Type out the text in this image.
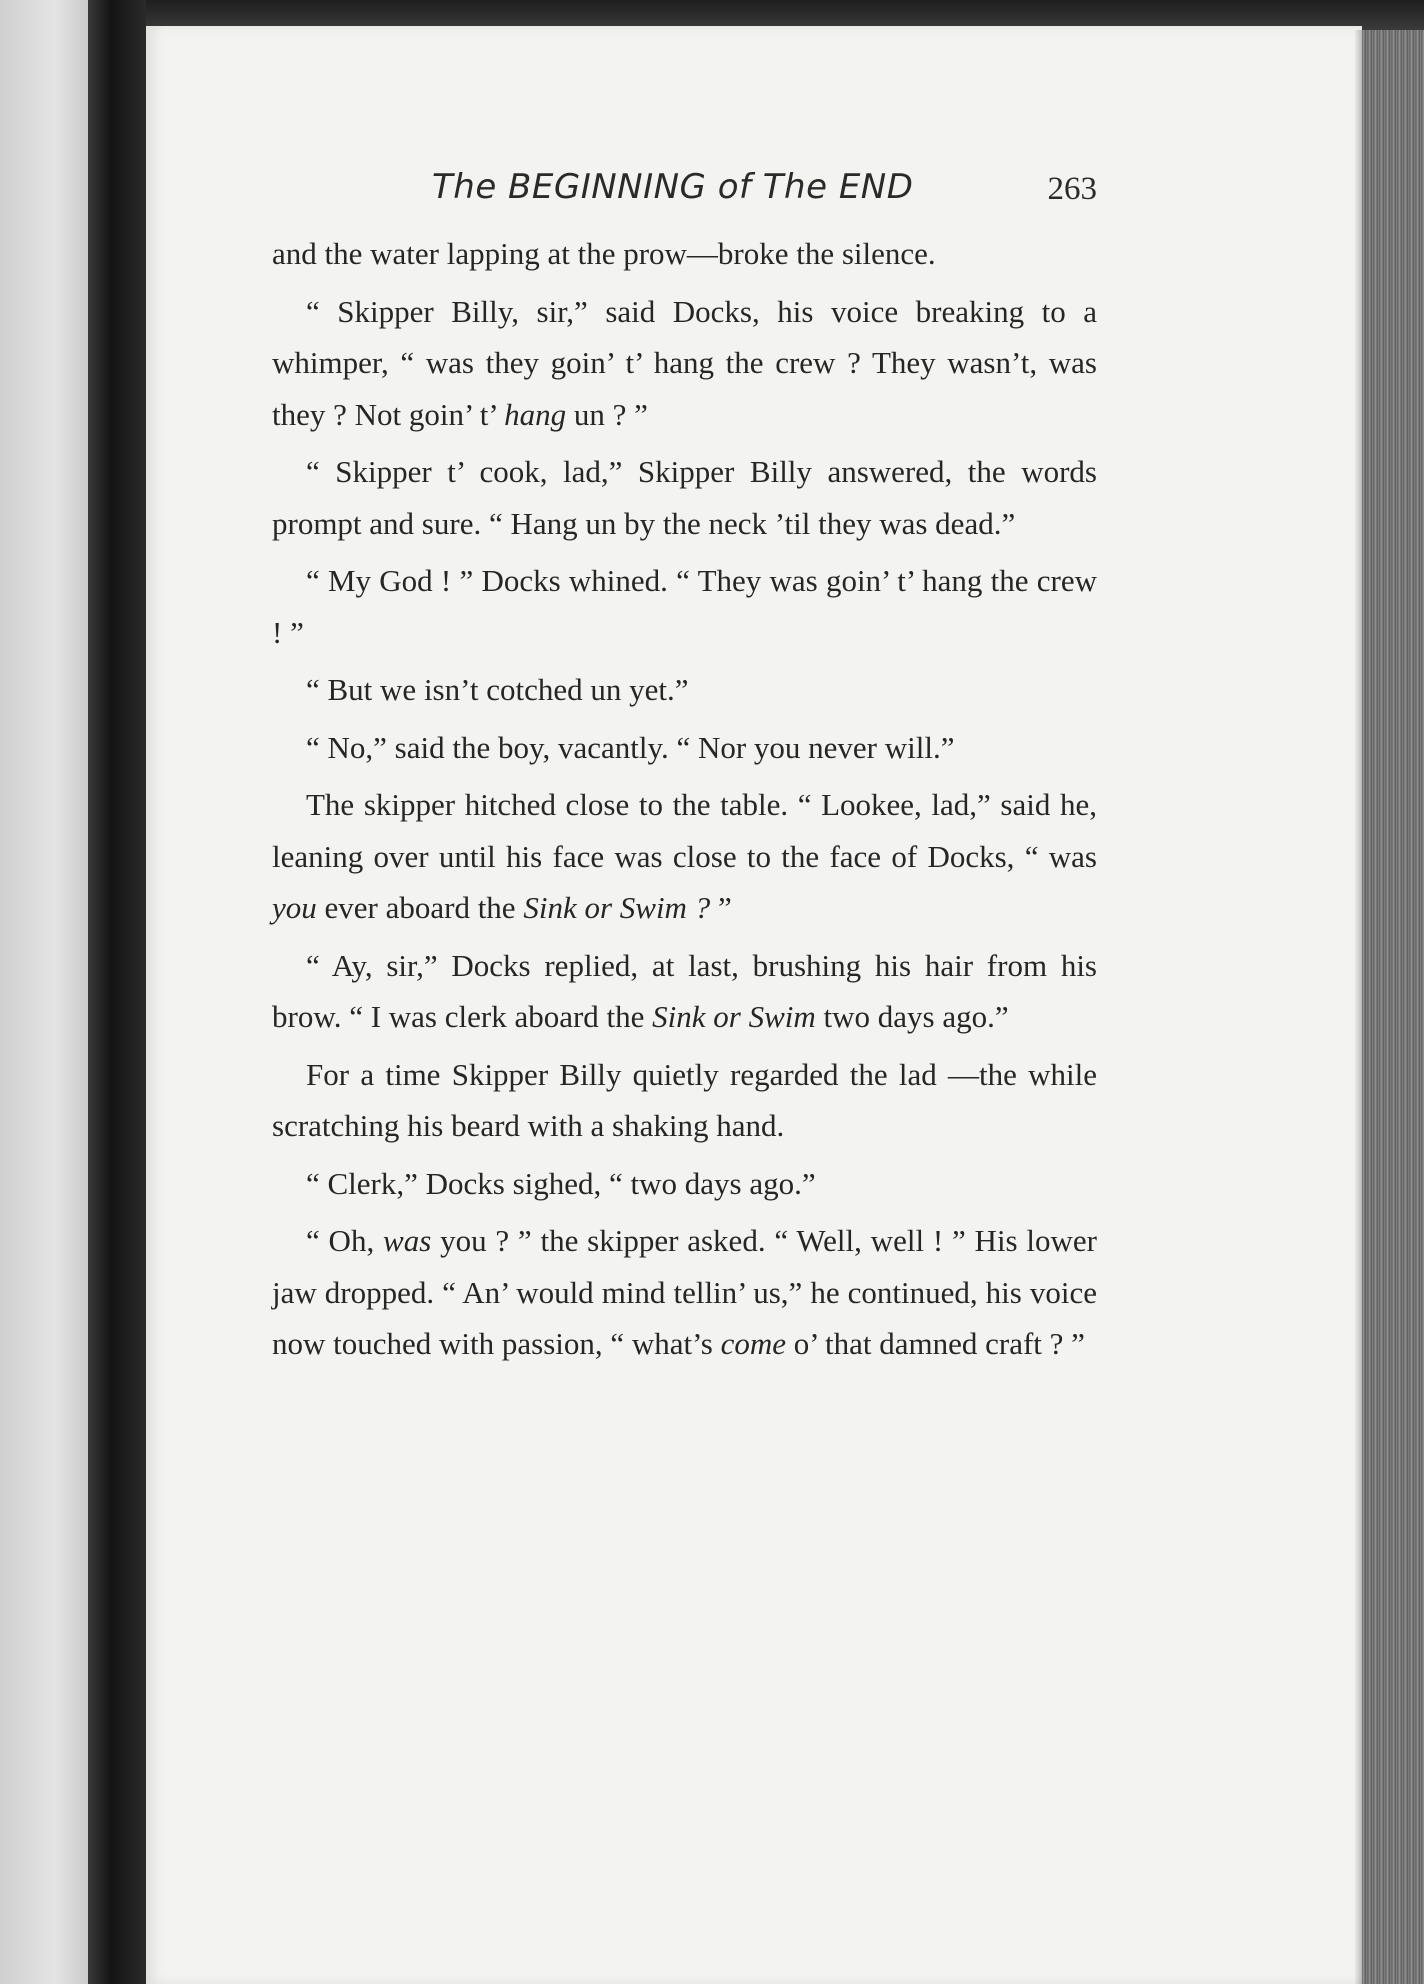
The BEGINNING of The END	263

and the water lapping at the prow—broke the silence.

“ Skipper Billy, sir,” said Docks, his voice breaking to a whimper, “ was they goin’ t’ hang the crew ? They wasn’t, was they ? Not goin’ t’ hang un ? ”

“ Skipper t’ cook, lad,” Skipper Billy answered, the words prompt and sure. “ Hang un by the neck ’til they was dead.”

“ My God ! ” Docks whined. “ They was goin’ t’ hang the crew ! ”

“ But we isn’t cotched un yet.”

“ No,” said the boy, vacantly. “ Nor you never will.”

The skipper hitched close to the table. “ Lookee, lad,” said he, leaning over until his face was close to the face of Docks, “ was you ever aboard the Sink or Swim ? ”

“ Ay, sir,” Docks replied, at last, brushing his hair from his brow. “ I was clerk aboard the Sink or Swim two days ago.”

For a time Skipper Billy quietly regarded the lad —the while scratching his beard with a shaking hand.

“ Clerk,” Docks sighed, “ two days ago.”

“ Oh, was you ? ” the skipper asked. “ Well, well ! ” His lower jaw dropped. “ An’ would mind tellin’ us,” he continued, his voice now touched with passion, “ what’s come o’ that damned craft ? ”
